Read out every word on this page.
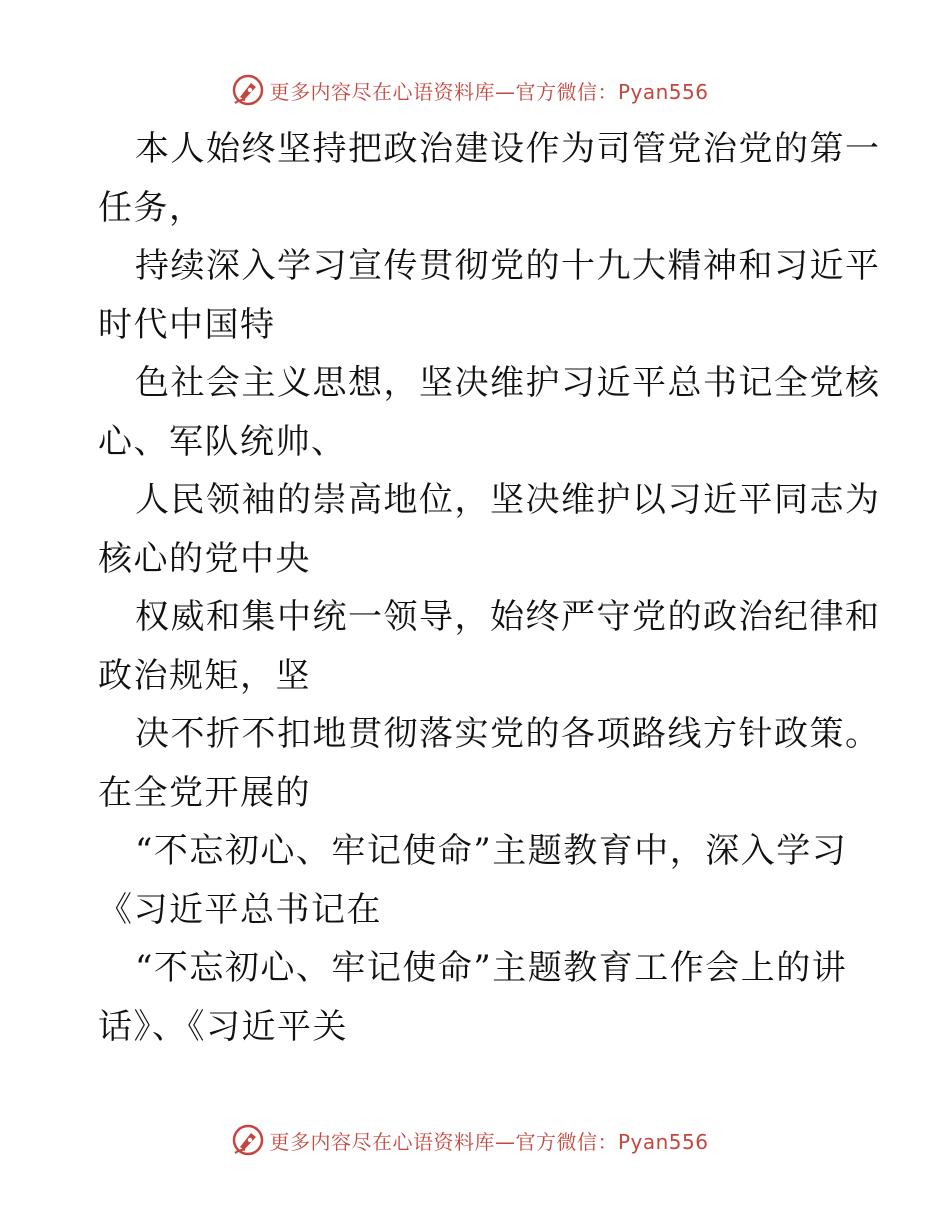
更多内容尽在心语资料库—官方微信：Pyan556
本人始终坚持把政治建设作为司管党治党的第一
任务，
持续深入学习宣传贯彻党的十九大精神和习近平
时代中国特
色社会主义思想，坚决维护习近平总书记全党核
心、军队统帅、
人民领袖的崇高地位，坚决维护以习近平同志为
核心的党中央
权威和集中统一领导，始终严守党的政治纪律和
政治规矩，坚
决不折不扣地贯彻落实党的各项路线方针政策。
在全党开展的
“不忘初心、牢记使命”主题教育中，深入学习
《习近平总书记在
“不忘初心、牢记使命”主题教育工作会上的讲
话》、《习近平关
更多内容尽在心语资料库—官方微信：Pyan556
